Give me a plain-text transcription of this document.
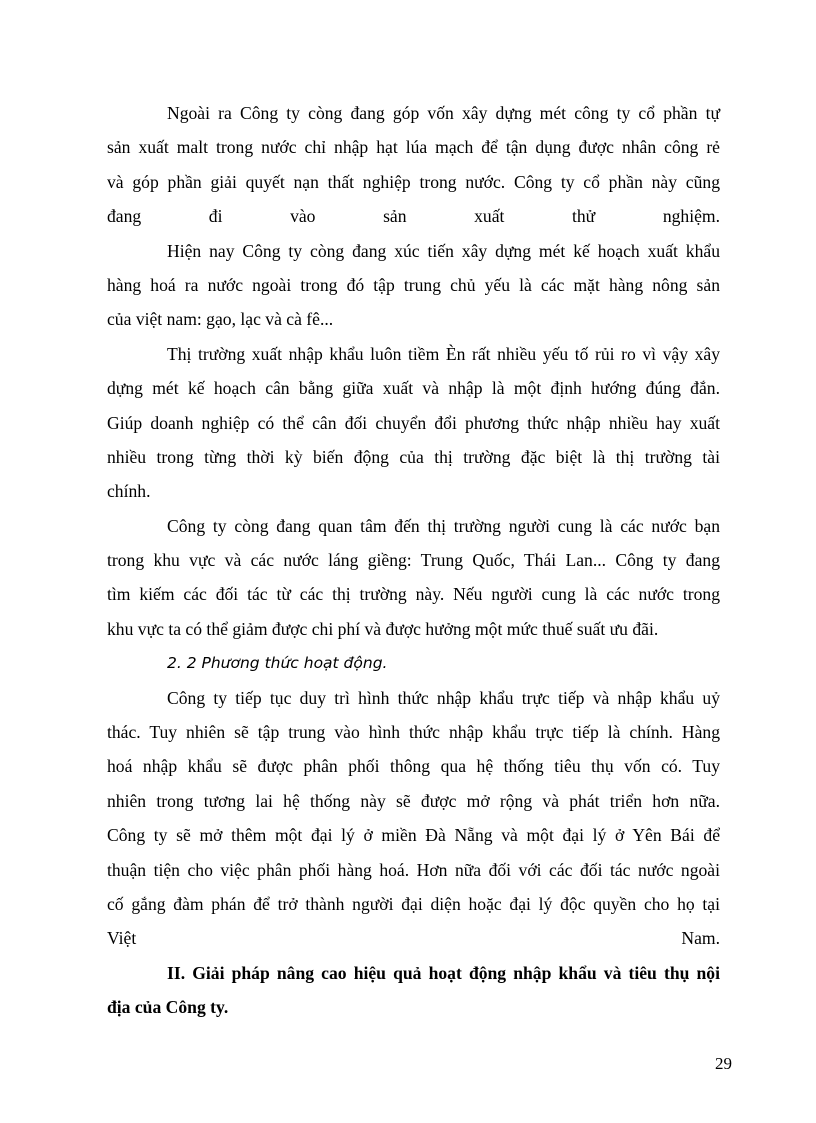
Ngoài ra Công ty còng đang góp vốn xây dựng mét công ty cổ phần tự
sản xuất malt trong nước chỉ nhập hạt lúa mạch để tận dụng được nhân công rẻ
và góp phần giải quyết nạn thất nghiệp trong nước. Công ty cổ phần này cũng
đang đi vào sản xuất thử nghiệm.
Hiện nay Công ty còng đang xúc tiến xây dựng mét kế hoạch xuất khẩu
hàng hoá ra nước ngoài trong đó tập trung chủ yếu là các mặt hàng nông sản
của việt nam: gạo, lạc và cà fê...
Thị trường xuất nhập khẩu luôn tiềm Èn rất nhiều yếu tố rủi ro vì vậy xây
dựng mét kế hoạch cân bằng giữa xuất và nhập là một định hướng đúng đắn.
Giúp doanh nghiệp có thể cân đối chuyển đổi phương thức nhập nhiều hay xuất
nhiều trong từng thời kỳ biến động của thị trường đặc biệt là thị trường tài
chính.
Công ty còng đang quan tâm đến thị trường người cung là các nước bạn
trong khu vực và các nước láng giềng: Trung Quốc, Thái Lan... Công ty đang
tìm kiếm các đối tác từ các thị trường này. Nếu người cung là các nước trong
khu vực ta có thể giảm được chi phí và được hưởng một mức thuế suất ưu đãi.
2. 2 Phương thức hoạt động.
Công ty tiếp tục duy trì hình thức nhập khẩu trực tiếp và nhập khẩu uỷ
thác. Tuy nhiên sẽ tập trung vào hình thức nhập khẩu trực tiếp là chính. Hàng
hoá nhập khẩu sẽ được phân phối thông qua hệ thống tiêu thụ vốn có. Tuy
nhiên trong tương lai hệ thống này sẽ được mở rộng và phát triển hơn nữa.
Công ty sẽ mở thêm một đại lý ở miền Đà Nẵng và một đại lý ở Yên Bái để
thuận tiện cho việc phân phối hàng hoá. Hơn nữa đối với các đối tác nước ngoài
cố gắng đàm phán để trở thành người đại diện hoặc đại lý độc quyền cho họ tại
Việt	Nam.
II. Giải pháp nâng cao hiệu quả hoạt động nhập khẩu và tiêu thụ nội
địa của Công ty.
29
